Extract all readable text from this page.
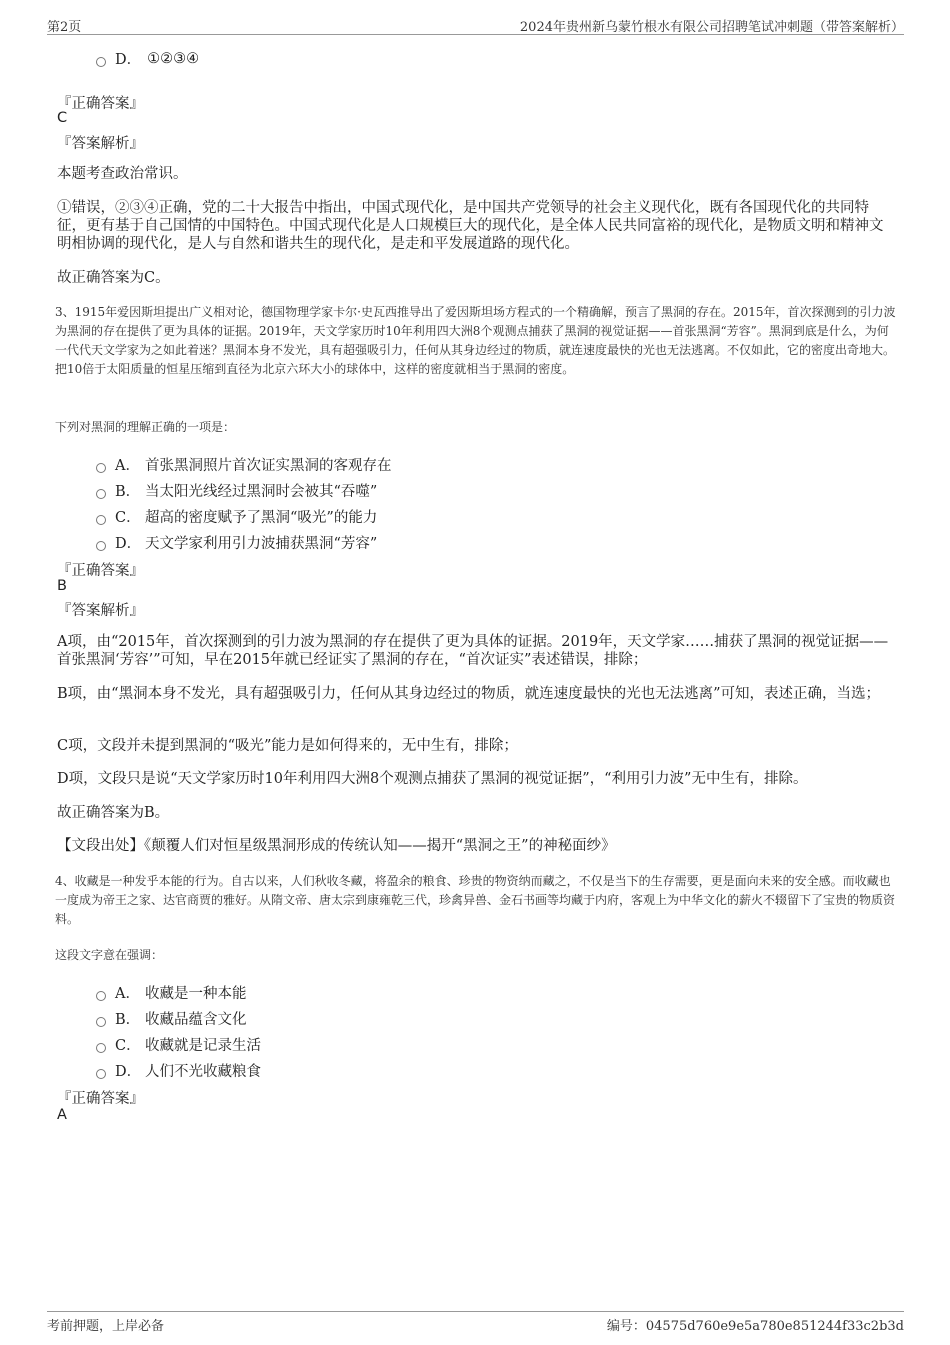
第2页	2024年贵州新乌蒙竹根水有限公司招聘笔试冲刺题（带答案解析）
D． ①②③④
『正确答案』
C
『答案解析』
本题考查政治常识。
①错误，②③④正确，党的二十大报告中指出，中国式现代化，是中国共产党领导的社会主义现代化，既有各国现代化的共同特征，更有基于自己国情的中国特色。中国式现代化是人口规模巨大的现代化，是全体人民共同富裕的现代化，是物质文明和精神文明相协调的现代化，是人与自然和谐共生的现代化，是走和平发展道路的现代化。
故正确答案为C。
3、1915年爱因斯坦提出广义相对论，德国物理学家卡尔·史瓦西推导出了爱因斯坦场方程式的一个精确解，预言了黑洞的存在。2015年，首次探测到的引力波为黑洞的存在提供了更为具体的证据。2019年，天文学家历时10年利用四大洲8个观测点捕获了黑洞的视觉证据——首张黑洞“芳容”。黑洞到底是什么，为何一代代天文学家为之如此着迷？黑洞本身不发光，具有超强吸引力，任何从其身边经过的物质，就连速度最快的光也无法逃离。不仅如此，它的密度出奇地大。把10倍于太阳质量的恒星压缩到直径为北京六环大小的球体中，这样的密度就相当于黑洞的密度。
下列对黑洞的理解正确的一项是：
A． 首张黑洞照片首次证实黑洞的客观存在
B． 当太阳光线经过黑洞时会被其“吞噬”
C． 超高的密度赋予了黑洞“吸光”的能力
D． 天文学家利用引力波捕获黑洞“芳容”
『正确答案』
B
『答案解析』
A项，由“2015年，首次探测到的引力波为黑洞的存在提供了更为具体的证据。2019年，天文学家……捕获了黑洞的视觉证据——首张黑洞‘芳容’”可知，早在2015年就已经证实了黑洞的存在，“首次证实”表述错误，排除；
B项，由“黑洞本身不发光，具有超强吸引力，任何从其身边经过的物质，就连速度最快的光也无法逃离”可知，表述正确，当选；
C项，文段并未提到黑洞的“吸光”能力是如何得来的，无中生有，排除；
D项，文段只是说“天文学家历时10年利用四大洲8个观测点捕获了黑洞的视觉证据”，“利用引力波”无中生有，排除。
故正确答案为B。
【文段出处】《颠覆人们对恒星级黑洞形成的传统认知——揭开“黑洞之王”的神秘面纱》
4、收藏是一种发乎本能的行为。自古以来，人们秋收冬藏，将盈余的粮食、珍贵的物资纳而藏之，不仅是当下的生存需要，更是面向未来的安全感。而收藏也一度成为帝王之家、达官商贾的雅好。从隋文帝、唐太宗到康雍乾三代，珍禽异兽、金石书画等均藏于内府，客观上为中华文化的薪火不辍留下了宝贵的物质资料。
这段文字意在强调：
A． 收藏是一种本能
B． 收藏品蕴含文化
C． 收藏就是记录生活
D． 人们不光收藏粮食
『正确答案』
A
考前押题，上岸必备	编号：04575d760e9e5a780e851244f33c2b3d
